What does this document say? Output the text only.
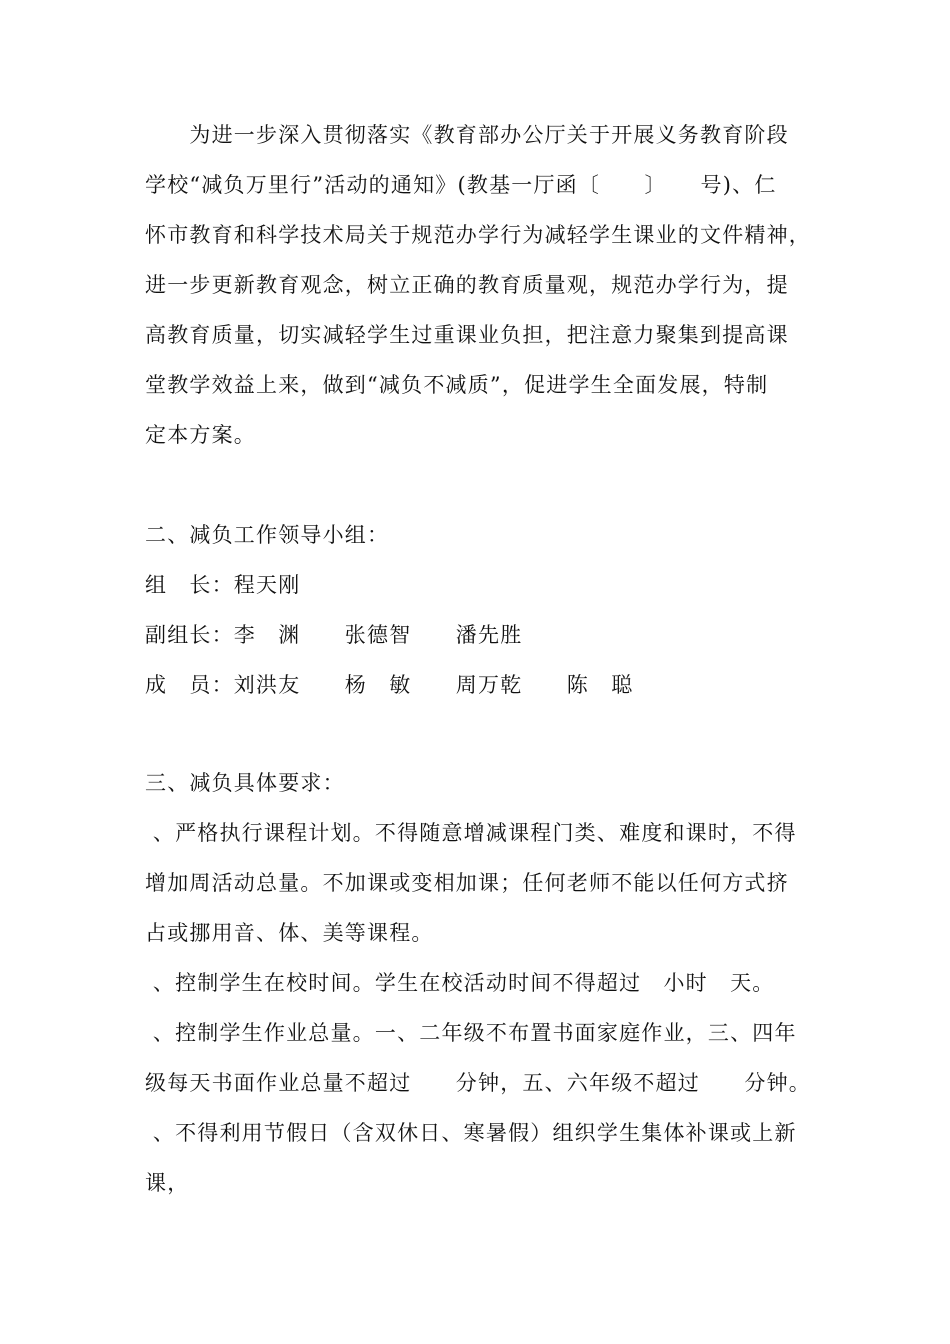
　　为进一步深入贯彻落实《教育部办公厅关于开展义务教育阶段
学校“减负万里行”活动的通知》(教基一厅函〔　　〕　　号)、仁
怀市教育和科学技术局关于规范办学行为减轻学生课业的文件精神，
进一步更新教育观念，树立正确的教育质量观，规范办学行为，提
高教育质量，切实减轻学生过重课业负担，把注意力聚集到提高课
堂教学效益上来，做到“减负不减质”，促进学生全面发展，特制
定本方案。
二、减负工作领导小组：
组　长：程天刚
副组长：李　渊　　张德智　　潘先胜
成　员：刘洪友　　杨　敏　　周万乾　　陈　聪
三、减负具体要求：
、严格执行课程计划。不得随意增减课程门类、难度和课时，不得
增加周活动总量。不加课或变相加课；任何老师不能以任何方式挤
占或挪用音、体、美等课程。
、控制学生在校时间。学生在校活动时间不得超过　小时　天。
、控制学生作业总量。一、二年级不布置书面家庭作业，三、四年
级每天书面作业总量不超过　　分钟，五、六年级不超过　　分钟。
、不得利用节假日（含双休日、寒暑假）组织学生集体补课或上新
课，
